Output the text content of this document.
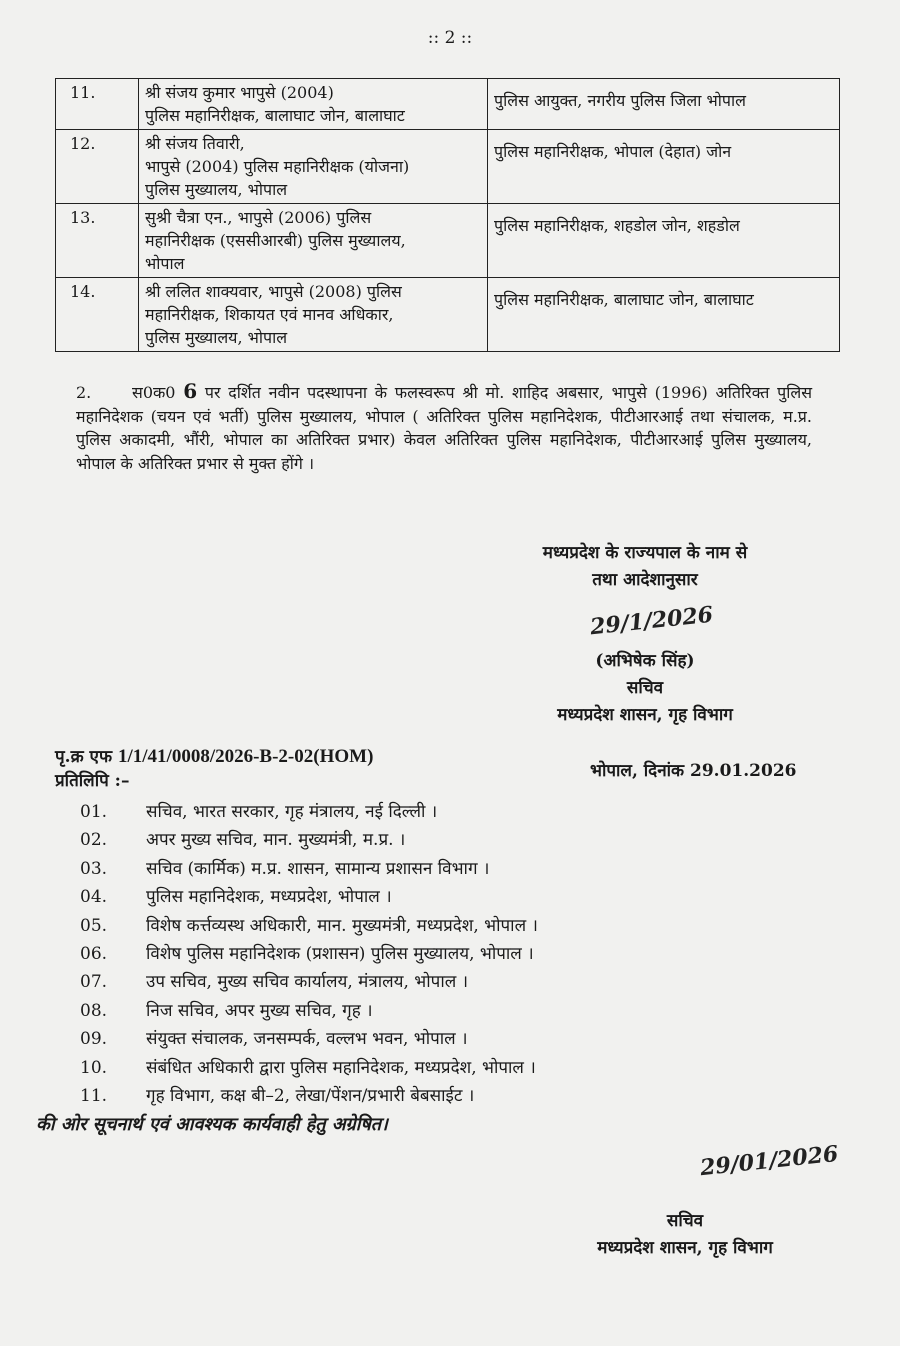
:: 2 ::
11.	श्री संजय कुमार भापुसे (2004)
पुलिस महानिरीक्षक, बालाघाट जोन, बालाघाट	पुलिस आयुक्त, नगरीय पुलिस जिला भोपाल
12.	श्री संजय तिवारी,
भापुसे (2004) पुलिस महानिरीक्षक (योजना)
पुलिस मुख्यालय, भोपाल	पुलिस महानिरीक्षक, भोपाल (देहात) जोन
13.	सुश्री चैत्रा एन., भापुसे (2006) पुलिस
महानिरीक्षक (एससीआरबी) पुलिस मुख्यालय,
भोपाल	पुलिस महानिरीक्षक, शहडोल जोन, शहडोल
14.	श्री ललित शाक्यवार, भापुसे (2008) पुलिस
महानिरीक्षक, शिकायत एवं मानव अधिकार,
पुलिस मुख्यालय, भोपाल	पुलिस महानिरीक्षक, बालाघाट जोन, बालाघाट
2.	स0क0 6 पर दर्शित नवीन पदस्थापना के फलस्वरूप श्री मो. शाहिद अबसार, भापुसे (1996) अतिरिक्त पुलिस महानिदेशक (चयन एवं भर्ती) पुलिस मुख्यालय, भोपाल ( अतिरिक्त पुलिस महानिदेशक, पीटीआरआई तथा संचालक, म.प्र. पुलिस अकादमी, भौंरी, भोपाल का अतिरिक्त प्रभार) केवल अतिरिक्त पुलिस महानिदेशक, पीटीआरआई पुलिस मुख्यालय, भोपाल के अतिरिक्त प्रभार से मुक्त होंगे ।
मध्यप्रदेश के राज्यपाल के नाम से
तथा आदेशानुसार
29/1/2026
(अभिषेक सिंह)
सचिव
मध्यप्रदेश शासन, गृह विभाग
पृ.क्र एफ 1/1/41/0008/2026-B-2-02(HOM)
भोपाल, दिनांक 29.01.2026
प्रतिलिपि :–
01.	सचिव, भारत सरकार, गृह मंत्रालय, नई दिल्ली ।
02.	अपर मुख्य सचिव, मान. मुख्यमंत्री, म.प्र. ।
03.	सचिव (कार्मिक) म.प्र. शासन, सामान्य प्रशासन विभाग ।
04.	पुलिस महानिदेशक, मध्यप्रदेश, भोपाल ।
05.	विशेष कर्त्तव्यस्थ अधिकारी, मान. मुख्यमंत्री, मध्यप्रदेश, भोपाल ।
06.	विशेष पुलिस महानिदेशक (प्रशासन) पुलिस मुख्यालय, भोपाल ।
07.	उप सचिव, मुख्य सचिव कार्यालय, मंत्रालय, भोपाल ।
08.	निज सचिव, अपर मुख्य सचिव, गृह ।
09.	संयुक्त संचालक, जनसम्पर्क, वल्लभ भवन, भोपाल ।
10.	संबंधित अधिकारी द्वारा पुलिस महानिदेशक, मध्यप्रदेश, भोपाल ।
11.	गृह विभाग, कक्ष बी–2, लेखा/पेंशन/प्रभारी बेबसाईट ।
की ओर सूचनार्थ एवं आवश्यक कार्यवाही हेतु अग्रेषित।
29/01/2026
सचिव
मध्यप्रदेश शासन, गृह विभाग
